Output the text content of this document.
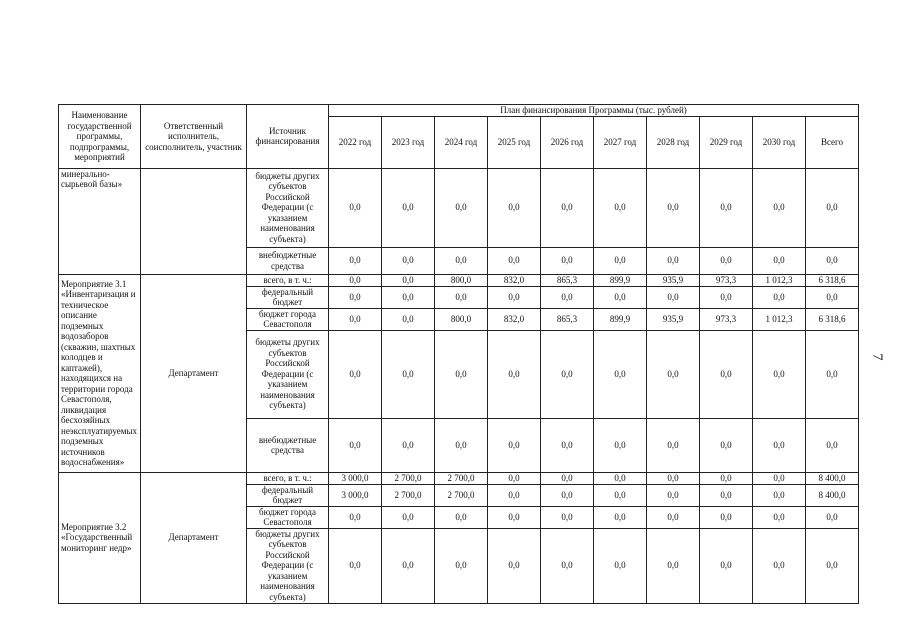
Наименование государственной программы, подпрограммы, мероприятий	Ответственный исполнитель, соисполнитель, участник	Источник финансирования	План финансирования Программы (тыс. рублей)									
			2022 год	2023 год	2024 год	2025 год	2026 год	2027 год	2028 год	2029 год	2030 год	Всего
минерально-сырьевой базы»		бюджеты других субъектов Российской Федерации (с указанием наименования субъекта)	0,0	0,0	0,0	0,0	0,0	0,0	0,0	0,0	0,0	0,0
		внебюджетные средства	0,0	0,0	0,0	0,0	0,0	0,0	0,0	0,0	0,0	0,0
Мероприятие 3.1 «Инвентаризация и техническое описание подземных водозаборов (скважин, шахтных колодцев и каптажей), находящихся на территории города Севастополя, ликвидация бесхозяйных неэксплуатируемых подземных источников водоснабжения»	Департамент	всего, в т. ч.:	0,0	0,0	800,0	832,0	865,3	899,9	935,9	973,3	1 012,3	6 318,6
		федеральный бюджет	0,0	0,0	0,0	0,0	0,0	0,0	0,0	0,0	0,0	0,0
		бюджет города Севастополя	0,0	0,0	800,0	832,0	865,3	899,9	935,9	973,3	1 012,3	6 318,6
		бюджеты других субъектов Российской Федерации (с указанием наименования субъекта)	0,0	0,0	0,0	0,0	0,0	0,0	0,0	0,0	0,0	0,0
		внебюджетные средства	0,0	0,0	0,0	0,0	0,0	0,0	0,0	0,0	0,0	0,0
Мероприятие 3.2 «Государственный мониторинг недр»	Департамент	всего, в т. ч.:	3 000,0	2 700,0	2 700,0	0,0	0,0	0,0	0,0	0,0	0,0	8 400,0
		федеральный бюджет	3 000,0	2 700,0	2 700,0	0,0	0,0	0,0	0,0	0,0	0,0	8 400,0
		бюджет города Севастополя	0,0	0,0	0,0	0,0	0,0	0,0	0,0	0,0	0,0	0,0
		бюджеты других субъектов Российской Федерации (с указанием наименования субъекта)	0,0	0,0	0,0	0,0	0,0	0,0	0,0	0,0	0,0	0,0
7
